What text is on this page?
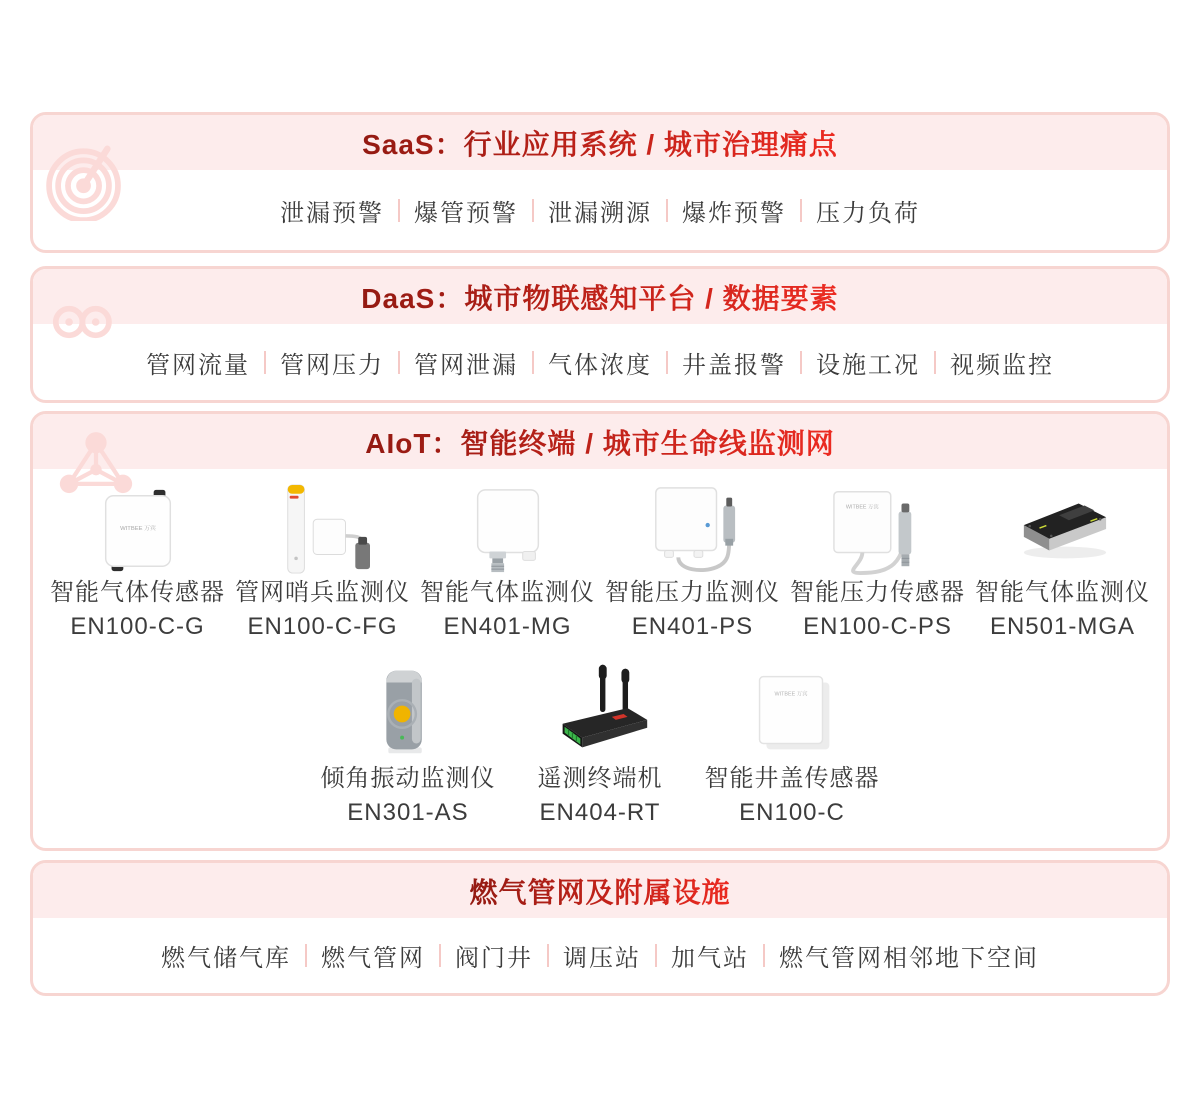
SaaS：行业应用系统 / 城市治理痛点
泄漏预警 爆管预警 泄漏溯源 爆炸预警 压力负荷
DaaS：城市物联感知平台 / 数据要素
管网流量 管网压力 管网泄漏 气体浓度 井盖报警 设施工况 视频监控
AIoT：智能终端 / 城市生命线监测网
WITBEE 万宾
智能气体传感器
EN100-C-G
管网哨兵监测仪
EN100-C-FG
智能气体监测仪
EN401-MG
智能压力监测仪
EN401-PS
WITBEE 万宾
智能压力传感器
EN100-C-PS
智能气体监测仪
EN501-MGA
倾角振动监测仪
EN301-AS
遥测终端机
EN404-RT
WITBEE 万宾
智能井盖传感器
EN100-C
燃气管网及附属设施
燃气储气库 燃气管网 阀门井 调压站 加气站 燃气管网相邻地下空间
